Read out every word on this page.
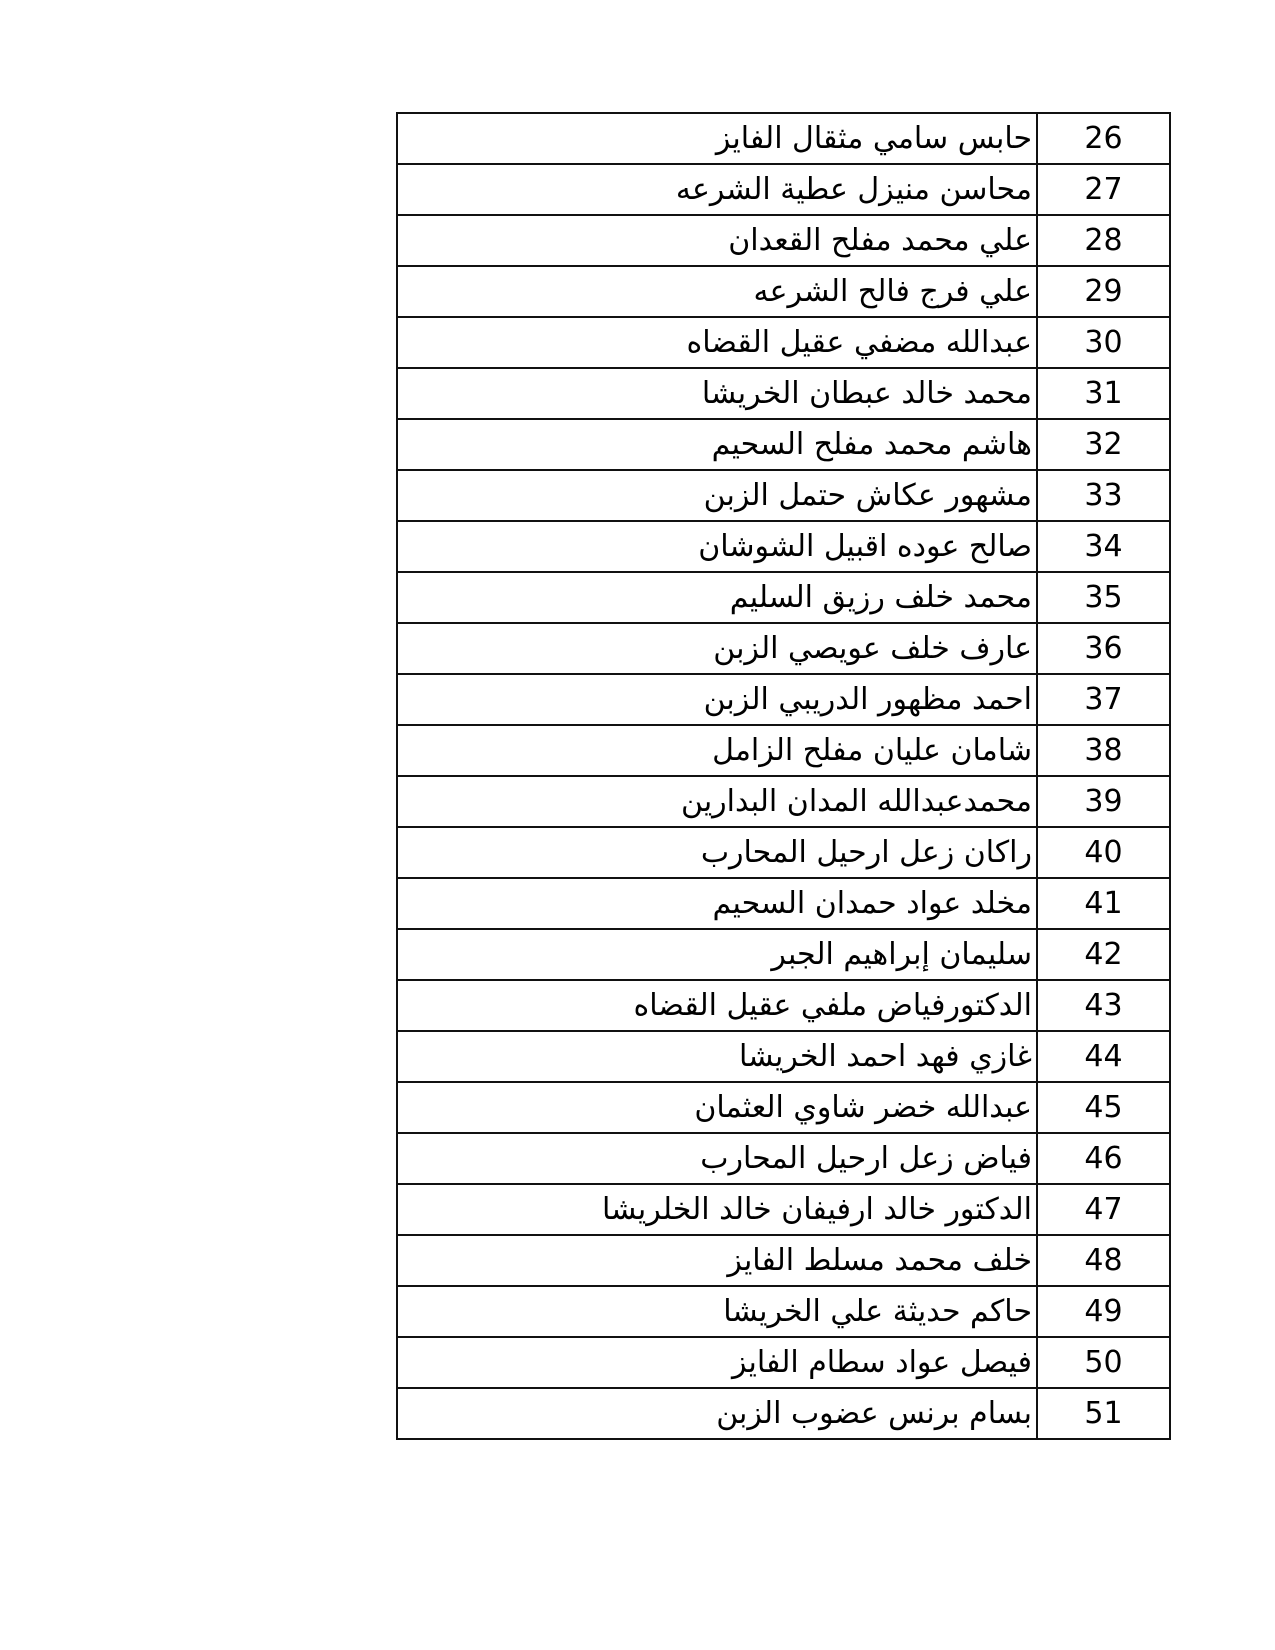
26	حابس سامي مثقال الفايز
27	محاسن منيزل عطية الشرعه
28	علي محمد مفلح القعدان
29	علي فرج فالح الشرعه
30	عبدالله مضفي عقيل القضاه
31	محمد خالد عبطان الخريشا
32	هاشم محمد مفلح السحيم
33	مشهور عكاش حتمل الزبن
34	صالح عوده اقبيل الشوشان
35	محمد خلف رزيق السليم
36	عارف خلف عويصي الزبن
37	احمد مظهور الدريبي الزبن
38	شامان عليان مفلح الزامل
39	محمدعبدالله المدان البدارين
40	راكان زعل ارحيل المحارب
41	مخلد عواد حمدان السحيم
42	سليمان إبراهيم الجبر
43	الدكتورفياض ملفي عقيل القضاه
44	غازي فهد احمد الخريشا
45	عبدالله خضر شاوي العثمان
46	فياض زعل ارحيل المحارب
47	الدكتور خالد ارفيفان خالد الخلريشا
48	خلف محمد مسلط الفايز
49	حاكم حديثة علي الخريشا
50	فيصل عواد سطام الفايز
51	بسام برنس عضوب الزبن
